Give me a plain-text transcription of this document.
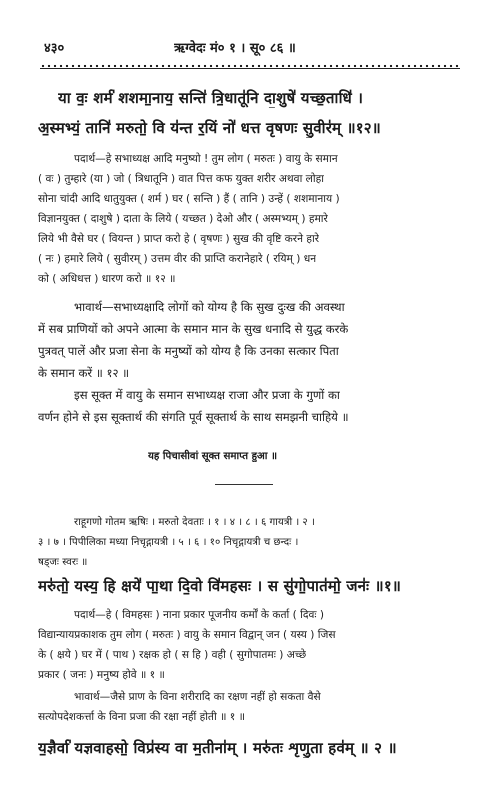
४३०	ऋग्वेदः मं० १ । सू० ८६ ॥
या वः॒ शर्म॑ शशमा॒नाय॒ सन्ति॑ त्रि॒धातू॑नि दा॒शुषे॑ यच्छ॒ताधि॑ ।
अ॒स्मभ्यं॒ तानि॑ मरुतो॒ वि य॑न्त र॒यिं नो॑ धत्त वृषणः सु॒वीर॑म् ॥१२॥
पदार्थ—हे सभाध्यक्ष आदि मनुष्यो ! तुम लोग ( मरुतः ) वायु के समान
( वः ) तुम्हारे (या ) जो ( त्रिधातूनि ) वात पित्त कफ युक्त शरीर अथवा लोहा
सोना चांदी आदि धातुयुक्त ( शर्म ) घर ( सन्ति ) हैं ( तानि ) उन्हें ( शशमानाय )
विज्ञानयुक्त ( दाशुषे ) दाता के लिये ( यच्छत ) देओ और ( अस्मभ्यम् ) हमारे
लिये भी वैसे घर ( वियन्त ) प्राप्त करो हे ( वृषणः ) सुख की वृष्टि करने हारे
( नः ) हमारे लिये ( सुवीरम् ) उत्तम वीर की प्राप्ति करानेहारे ( रयिम् ) धन
को ( अधिधत्त ) धारण करो ॥ १२ ॥
भावार्थ—सभाध्यक्षादि लोगों को योग्य है कि सुख दुःख की अवस्था
में सब प्राणियों को अपने आत्मा के समान मान के सुख धनादि से युद्ध करके
पुत्रवत् पालें और प्रजा सेना के मनुष्यों को योग्य है कि उनका सत्कार पिता
के समान करें ॥ १२ ॥
इस सूक्त में वायु के समान सभाध्यक्ष राजा और प्रजा के गुणों का
वर्णन होने से इस सूक्तार्थ की संगति पूर्व सूक्तार्थ के साथ समझनी चाहिये ॥
यह पिचासीवां सूक्त समाप्त हुआ ॥
राहूगणो गोतम ऋषिः । मरुतो देवताः । १ । ४ । ८ । ६ गायत्री । २ ।
३ । ७ । पिपीलिका मध्या निचृद्गायत्री । ५ । ६ । १० निचृद्गायत्री च छन्दः ।
षड्जः स्वरः ॥
मरु॑तो॒ यस्य॒ हि क्षये॑ पा॒था दि॒वो वि॑महसः । स सु॑गो॒पात॑मो॒ जनः॑ ॥१॥
पदार्थ—हे ( विमहसः ) नाना प्रकार पूजनीय कर्मों के कर्ता ( दिवः )
विद्यान्यायप्रकाशक तुम लोग ( मरुतः ) वायु के समान विद्वान् जन ( यस्य ) जिस
के ( क्षये ) घर में ( पाथ ) रक्षक हो ( स हि ) वही ( सुगोपातमः ) अच्छे
प्रकार ( जनः ) मनुष्य होवे ॥ १ ॥
भावार्थ—जैसे प्राण के विना शरीरादि का रक्षण नहीं हो सकता वैसे
सत्योपदेशकर्त्ता के विना प्रजा की रक्षा नहीं होती ॥ १ ॥
य॒ज्ञैर्वा॑ यज्ञवाहसो॒ विप्र॑स्य वा म॒तीना॑म् । मरु॑तः शृणु॒ता हव॑म् ॥ २ ॥
